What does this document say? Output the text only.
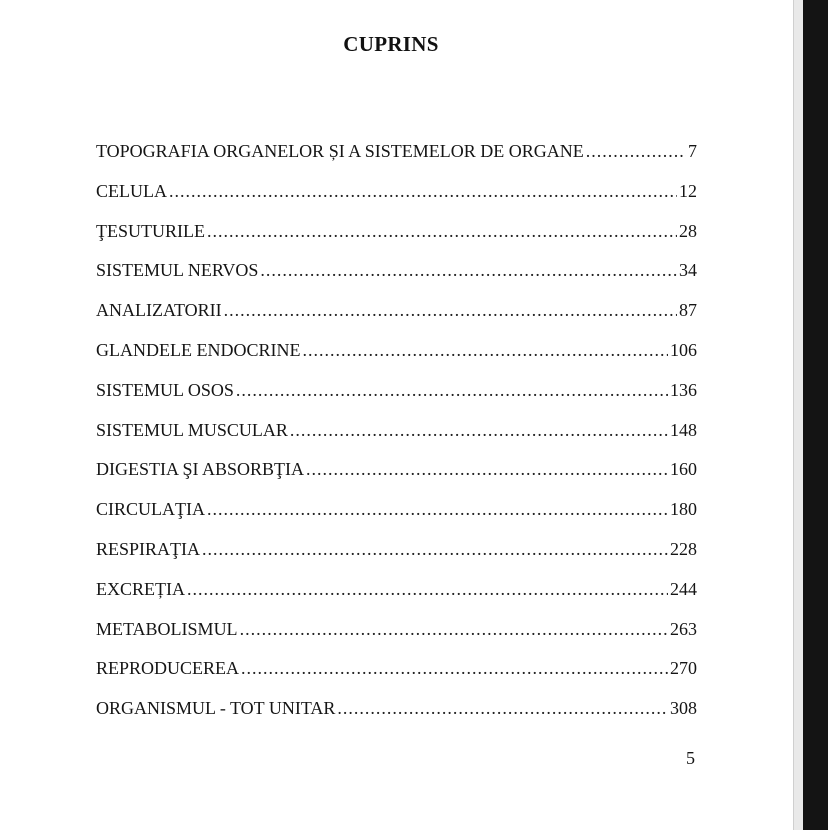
CUPRINS
TOPOGRAFIA ORGANELOR ȘI A SISTEMELOR DE ORGANE .....	7
CELULA .....	12
ŢESUTURILE .....	28
SISTEMUL NERVOS .....	34
ANALIZATORII .....	87
GLANDELE ENDOCRINE .....	106
SISTEMUL OSOS .....	136
SISTEMUL MUSCULAR .....	148
DIGESTIA ŞI ABSORBŢIA .....	160
CIRCULAŢIA .....	180
RESPIRAŢIA .....	228
EXCREȚIA .....	244
METABOLISMUL .....	263
REPRODUCEREA .....	270
ORGANISMUL - TOT UNITAR .....	308
5
